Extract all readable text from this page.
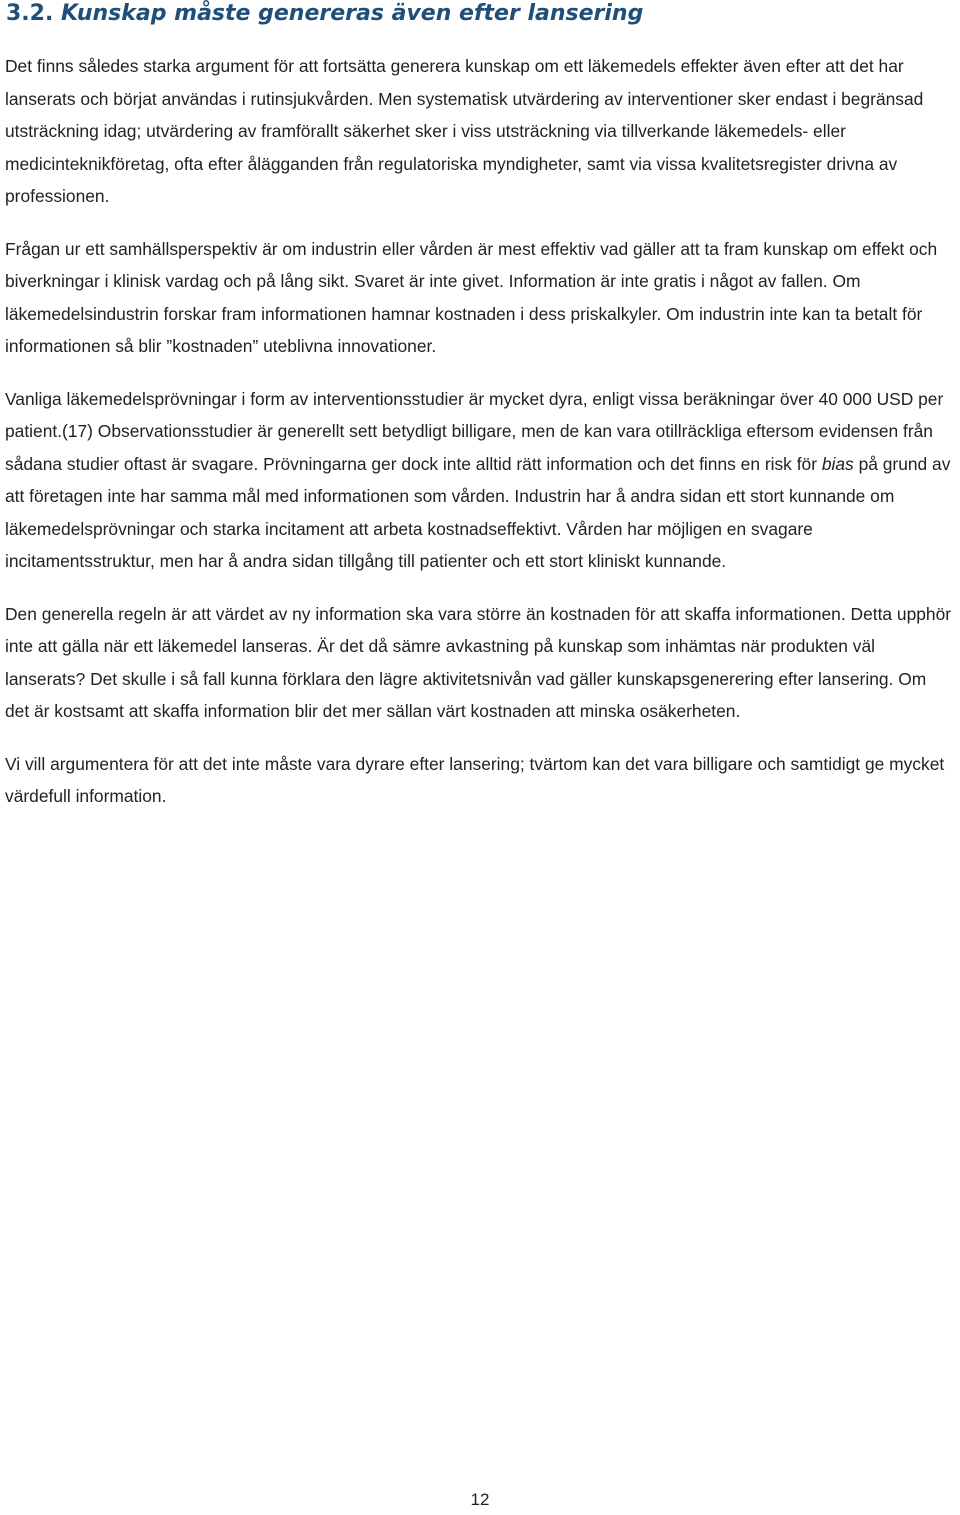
3.2. Kunskap måste genereras även efter lansering

Det finns således starka argument för att fortsätta generera kunskap om ett läkemedels effekter även efter att det har lanserats och börjat användas i rutinsjukvården. Men systematisk utvärdering av interventioner sker endast i begränsad utsträckning idag; utvärdering av framförallt säkerhet sker i viss utsträckning via tillverkande läkemedels- eller medicinteknikföretag, ofta efter ålägganden från regulatoriska myndigheter, samt via vissa kvalitetsregister drivna av professionen.

Frågan ur ett samhällsperspektiv är om industrin eller vården är mest effektiv vad gäller att ta fram kunskap om effekt och biverkningar i klinisk vardag och på lång sikt. Svaret är inte givet. Information är inte gratis i något av fallen. Om läkemedelsindustrin forskar fram informationen hamnar kostnaden i dess priskalkyler. Om industrin inte kan ta betalt för informationen så blir ”kostnaden” uteblivna innovationer.

Vanliga läkemedelsprövningar i form av interventionsstudier är mycket dyra, enligt vissa beräkningar över 40 000 USD per patient.(17) Observationsstudier är generellt sett betydligt billigare, men de kan vara otillräckliga eftersom evidensen från sådana studier oftast är svagare. Prövningarna ger dock inte alltid rätt information och det finns en risk för bias på grund av att företagen inte har samma mål med informationen som vården. Industrin har å andra sidan ett stort kunnande om läkemedelsprövningar och starka incitament att arbeta kostnadseffektivt. Vården har möjligen en svagare incitamentsstruktur, men har å andra sidan tillgång till patienter och ett stort kliniskt kunnande.

Den generella regeln är att värdet av ny information ska vara större än kostnaden för att skaffa informationen. Detta upphör inte att gälla när ett läkemedel lanseras. Är det då sämre avkastning på kunskap som inhämtas när produkten väl lanserats? Det skulle i så fall kunna förklara den lägre aktivitetsnivån vad gäller kunskapsgenerering efter lansering. Om det är kostsamt att skaffa information blir det mer sällan värt kostnaden att minska osäkerheten.

Vi vill argumentera för att det inte måste vara dyrare efter lansering; tvärtom kan det vara billigare och samtidigt ge mycket värdefull information.

12
